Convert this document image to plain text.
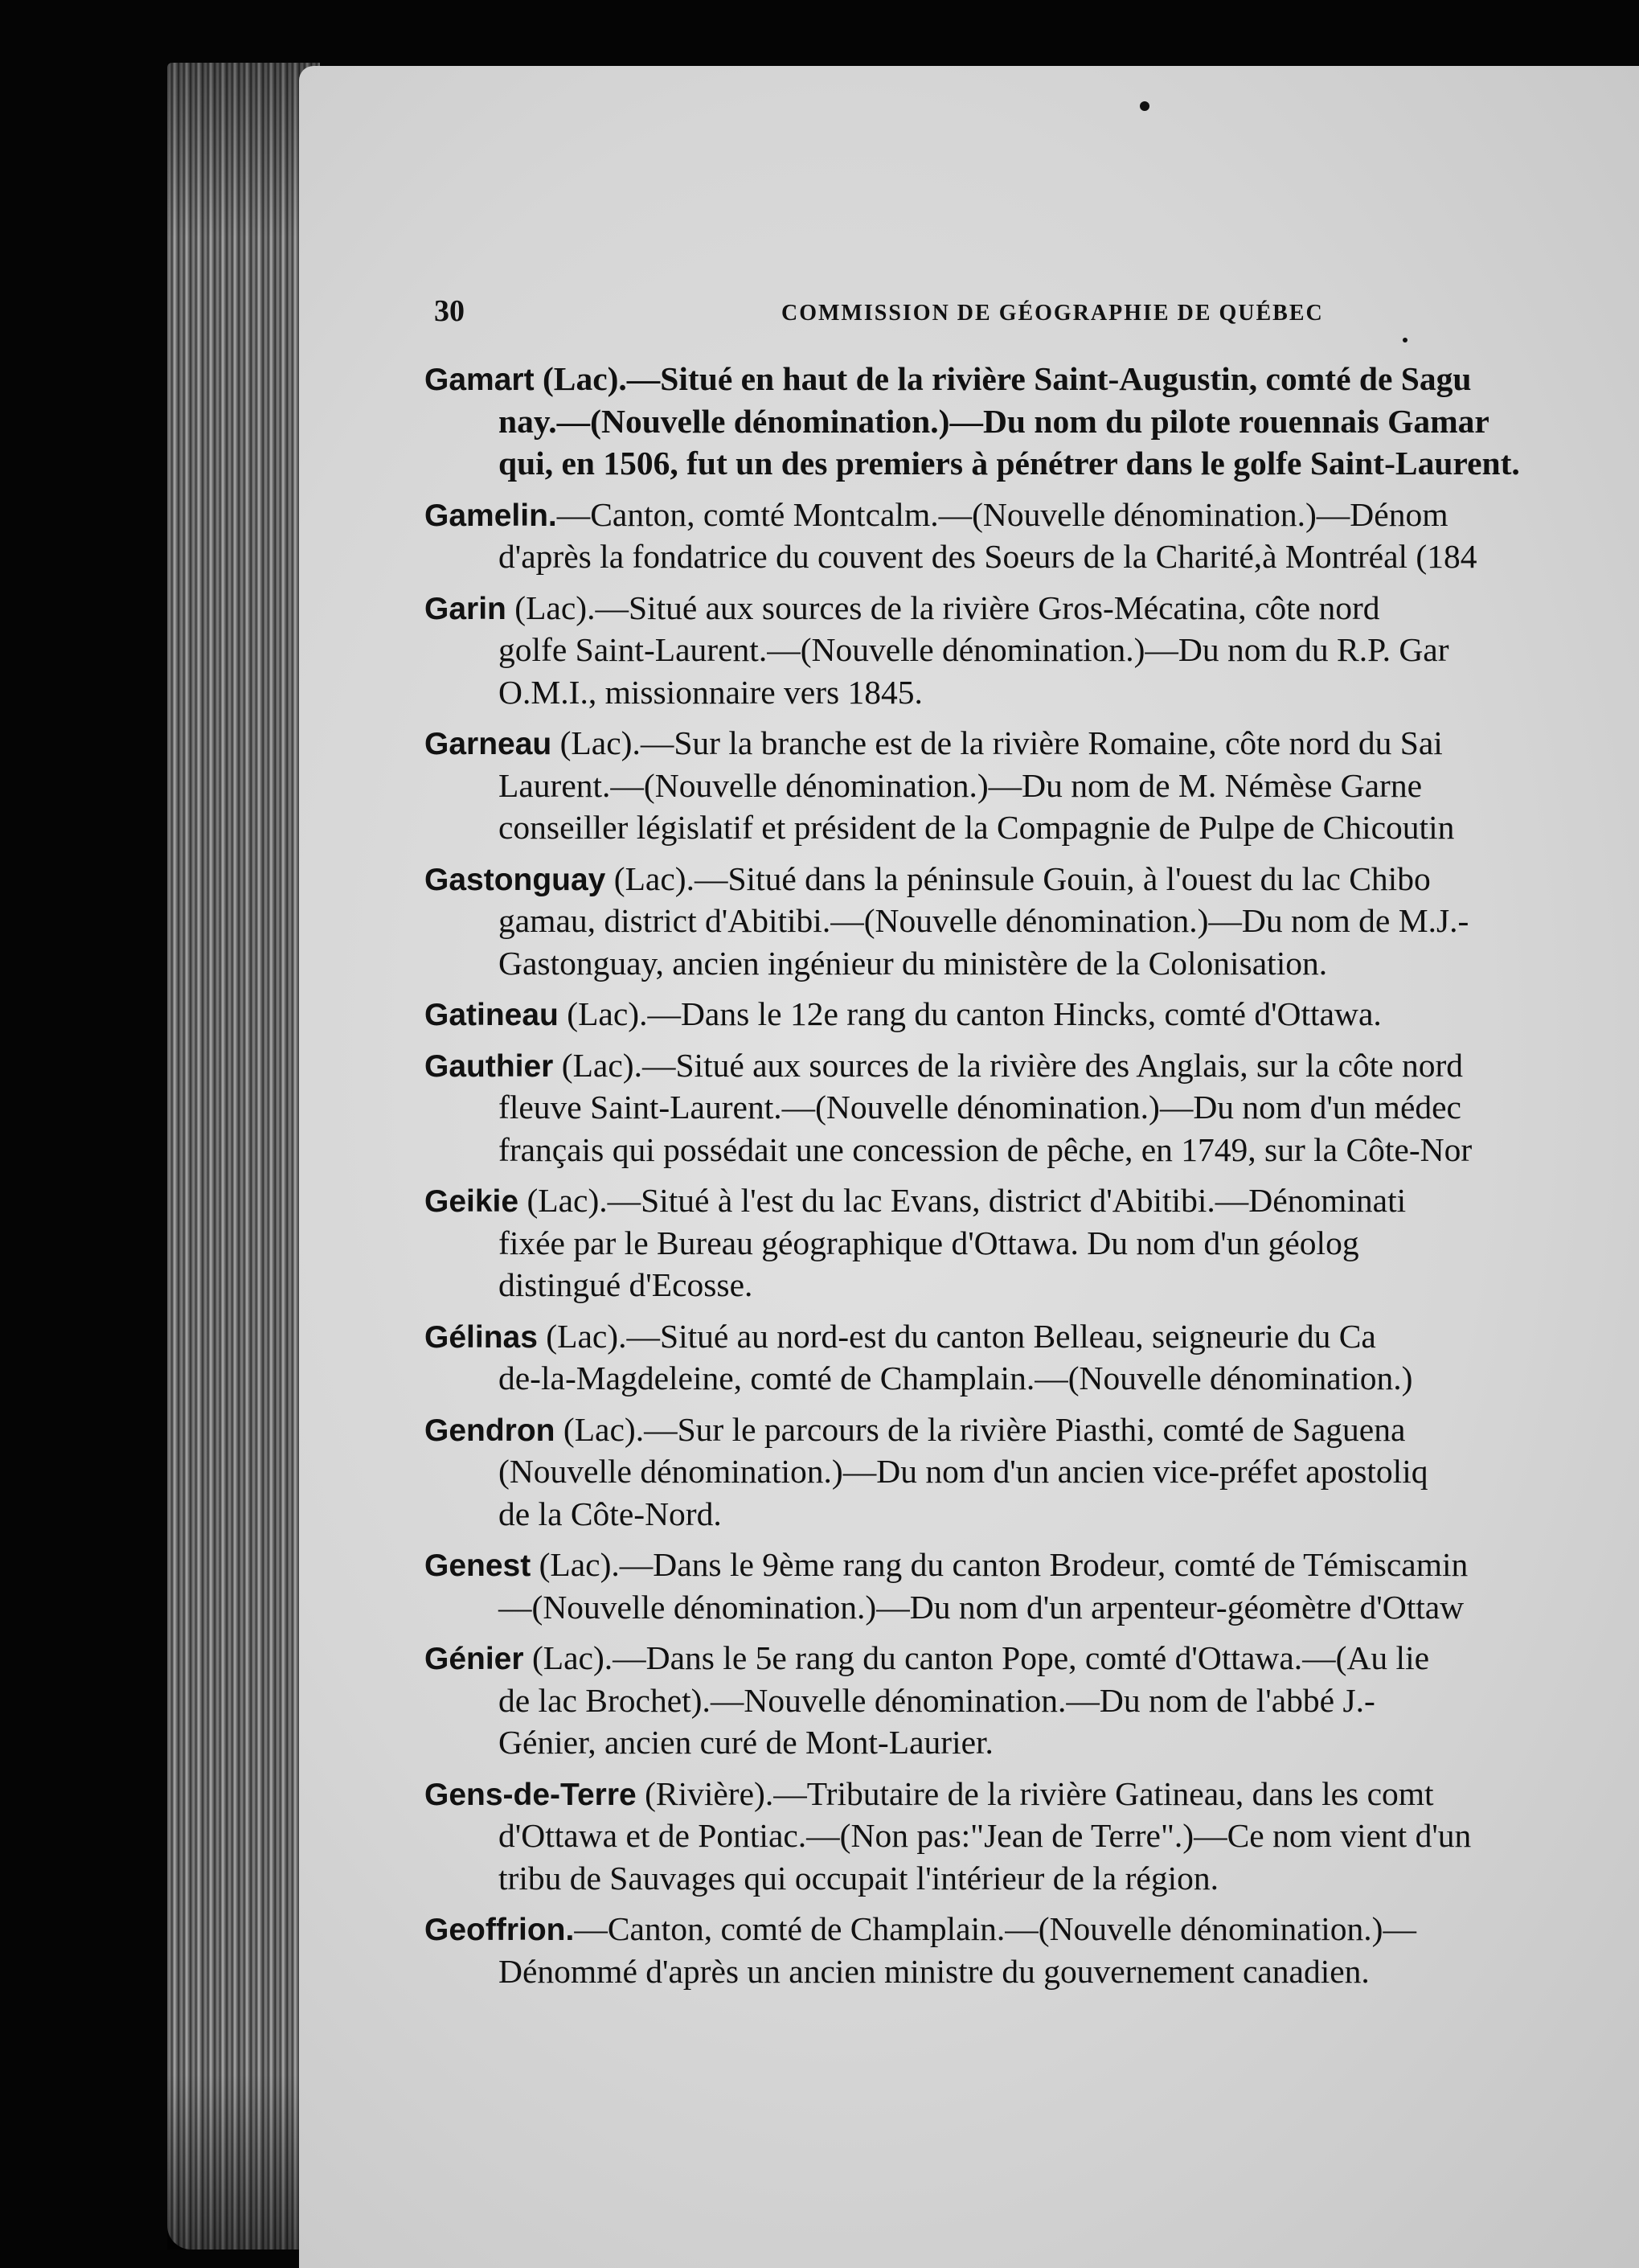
30	COMMISSION DE GÉOGRAPHIE DE QUÉBEC
Gamart (Lac).—Situé en haut de la rivière Saint-Augustin, comté de Sagu
nay.—(Nouvelle dénomination.)—Du nom du pilote rouennais Gamar
qui, en 1506, fut un des premiers à pénétrer dans le golfe Saint-Laurent.
Gamelin.—Canton, comté Montcalm.—(Nouvelle dénomination.)—Dénom
d'après la fondatrice du couvent des Soeurs de la Charité,à Montréal (184
Garin (Lac).—Situé aux sources de la rivière Gros-Mécatina, côte nord
golfe Saint-Laurent.—(Nouvelle dénomination.)—Du nom du R.P. Gar
O.M.I., missionnaire vers 1845.
Garneau (Lac).—Sur la branche est de la rivière Romaine, côte nord du Sai
Laurent.—(Nouvelle dénomination.)—Du nom de M. Némèse Garne
conseiller législatif et président de la Compagnie de Pulpe de Chicoutin
Gastonguay (Lac).—Situé dans la péninsule Gouin, à l'ouest du lac Chibo
gamau, district d'Abitibi.—(Nouvelle dénomination.)—Du nom de M.J.-
Gastonguay, ancien ingénieur du ministère de la Colonisation.
Gatineau (Lac).—Dans le 12e rang du canton Hincks, comté d'Ottawa.
Gauthier (Lac).—Situé aux sources de la rivière des Anglais, sur la côte nord
fleuve Saint-Laurent.—(Nouvelle dénomination.)—Du nom d'un médec
français qui possédait une concession de pêche, en 1749, sur la Côte-Nor
Geikie (Lac).—Situé à l'est du lac Evans, district d'Abitibi.—Dénominati
fixée par le Bureau géographique d'Ottawa. Du nom d'un géolog
distingué d'Ecosse.
Gélinas (Lac).—Situé au nord-est du canton Belleau, seigneurie du Ca
de-la-Magdeleine, comté de Champlain.—(Nouvelle dénomination.)
Gendron (Lac).—Sur le parcours de la rivière Piasthi, comté de Saguena
(Nouvelle dénomination.)—Du nom d'un ancien vice-préfet apostoliq
de la Côte-Nord.
Genest (Lac).—Dans le 9ème rang du canton Brodeur, comté de Témiscamin
—(Nouvelle dénomination.)—Du nom d'un arpenteur-géomètre d'Ottaw
Génier (Lac).—Dans le 5e rang du canton Pope, comté d'Ottawa.—(Au lie
de lac Brochet).—Nouvelle dénomination.—Du nom de l'abbé J.-
Génier, ancien curé de Mont-Laurier.
Gens-de-Terre (Rivière).—Tributaire de la rivière Gatineau, dans les comt
d'Ottawa et de Pontiac.—(Non pas:"Jean de Terre".)—Ce nom vient d'un
tribu de Sauvages qui occupait l'intérieur de la région.
Geoffrion.—Canton, comté de Champlain.—(Nouvelle dénomination.)—
Dénommé d'après un ancien ministre du gouvernement canadien.
